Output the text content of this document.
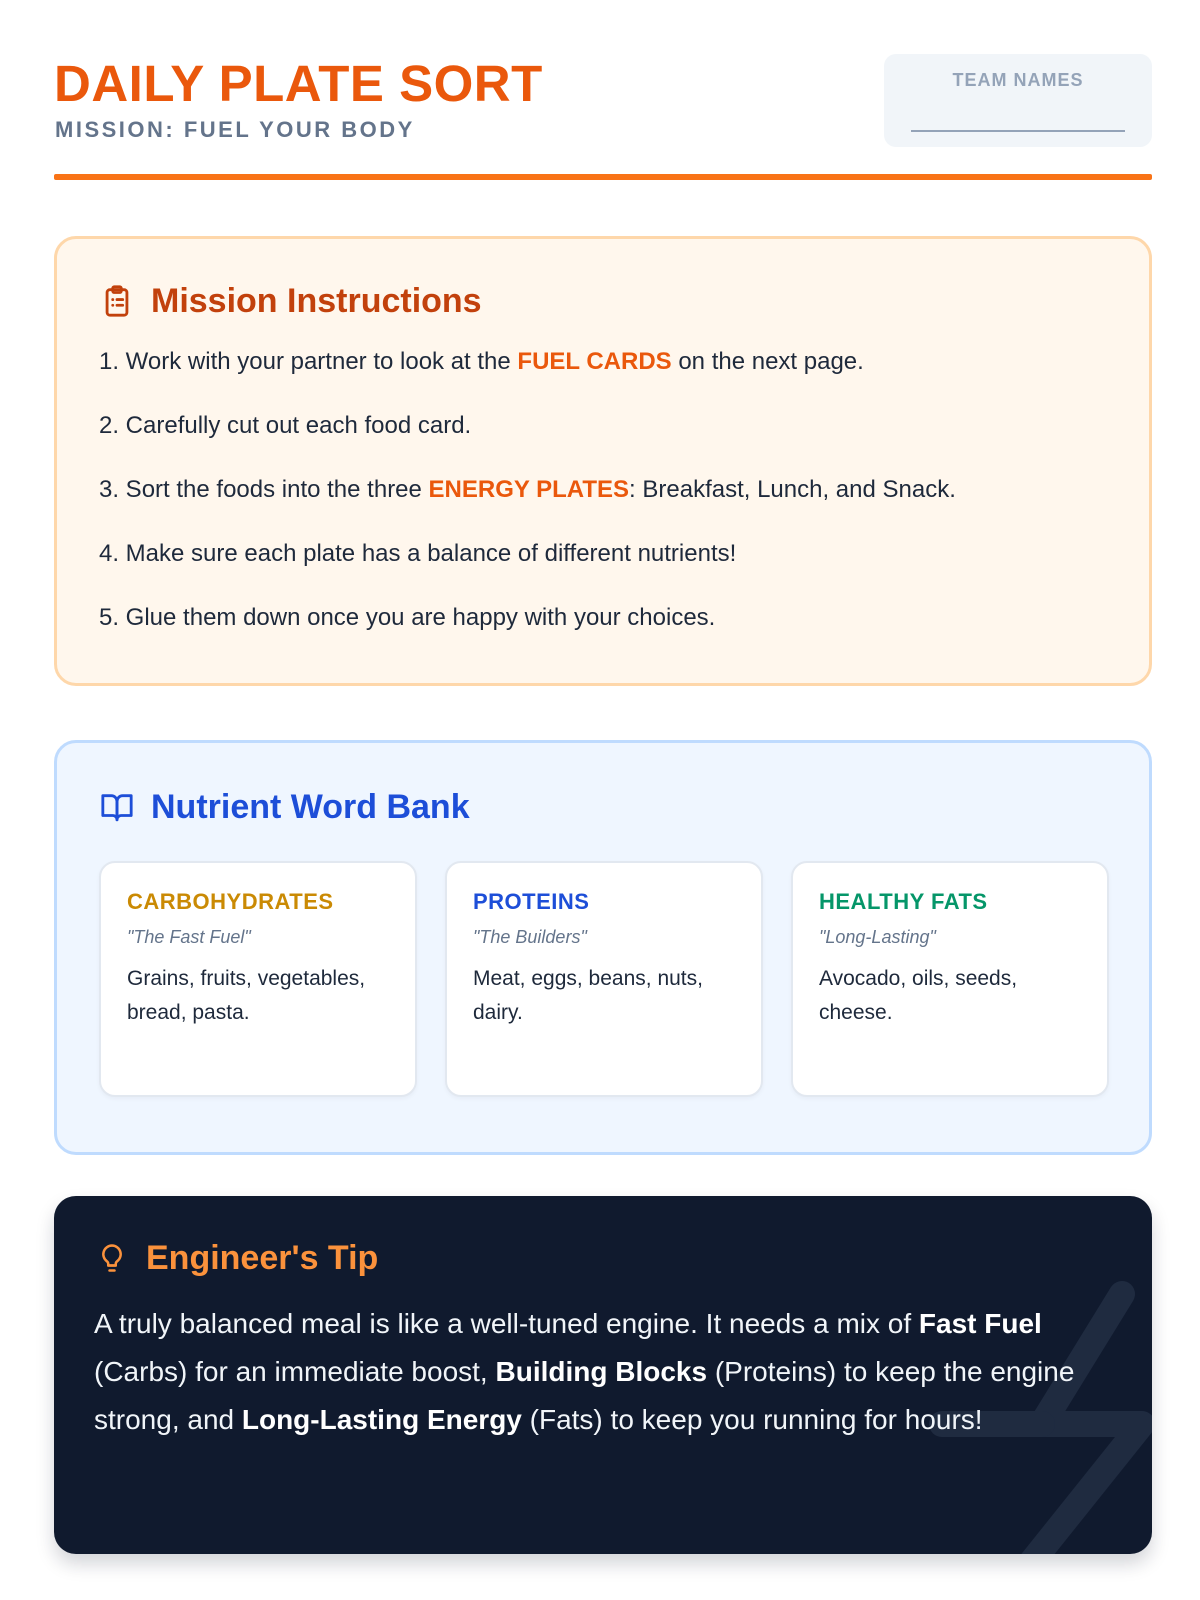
DAILY PLATE SORT
MISSION: FUEL YOUR BODY
TEAM NAMES
Mission Instructions
1. Work with your partner to look at the FUEL CARDS on the next page.
2. Carefully cut out each food card.
3. Sort the foods into the three ENERGY PLATES: Breakfast, Lunch, and Snack.
4. Make sure each plate has a balance of different nutrients!
5. Glue them down once you are happy with your choices.
Nutrient Word Bank
CARBOHYDRATES
"The Fast Fuel"

Grains, fruits, vegetables, bread, pasta.

PROTEINS
"The Builders"

Meat, eggs, beans, nuts, dairy.

HEALTHY FATS
"Long-Lasting"

Avocado, oils, seeds, cheese.

Engineer's Tip

A truly balanced meal is like a well-tuned engine. It needs a mix of Fast Fuel (Carbs) for an immediate boost, Building Blocks (Proteins) to keep the engine strong, and Long-Lasting Energy (Fats) to keep you running for hours!
